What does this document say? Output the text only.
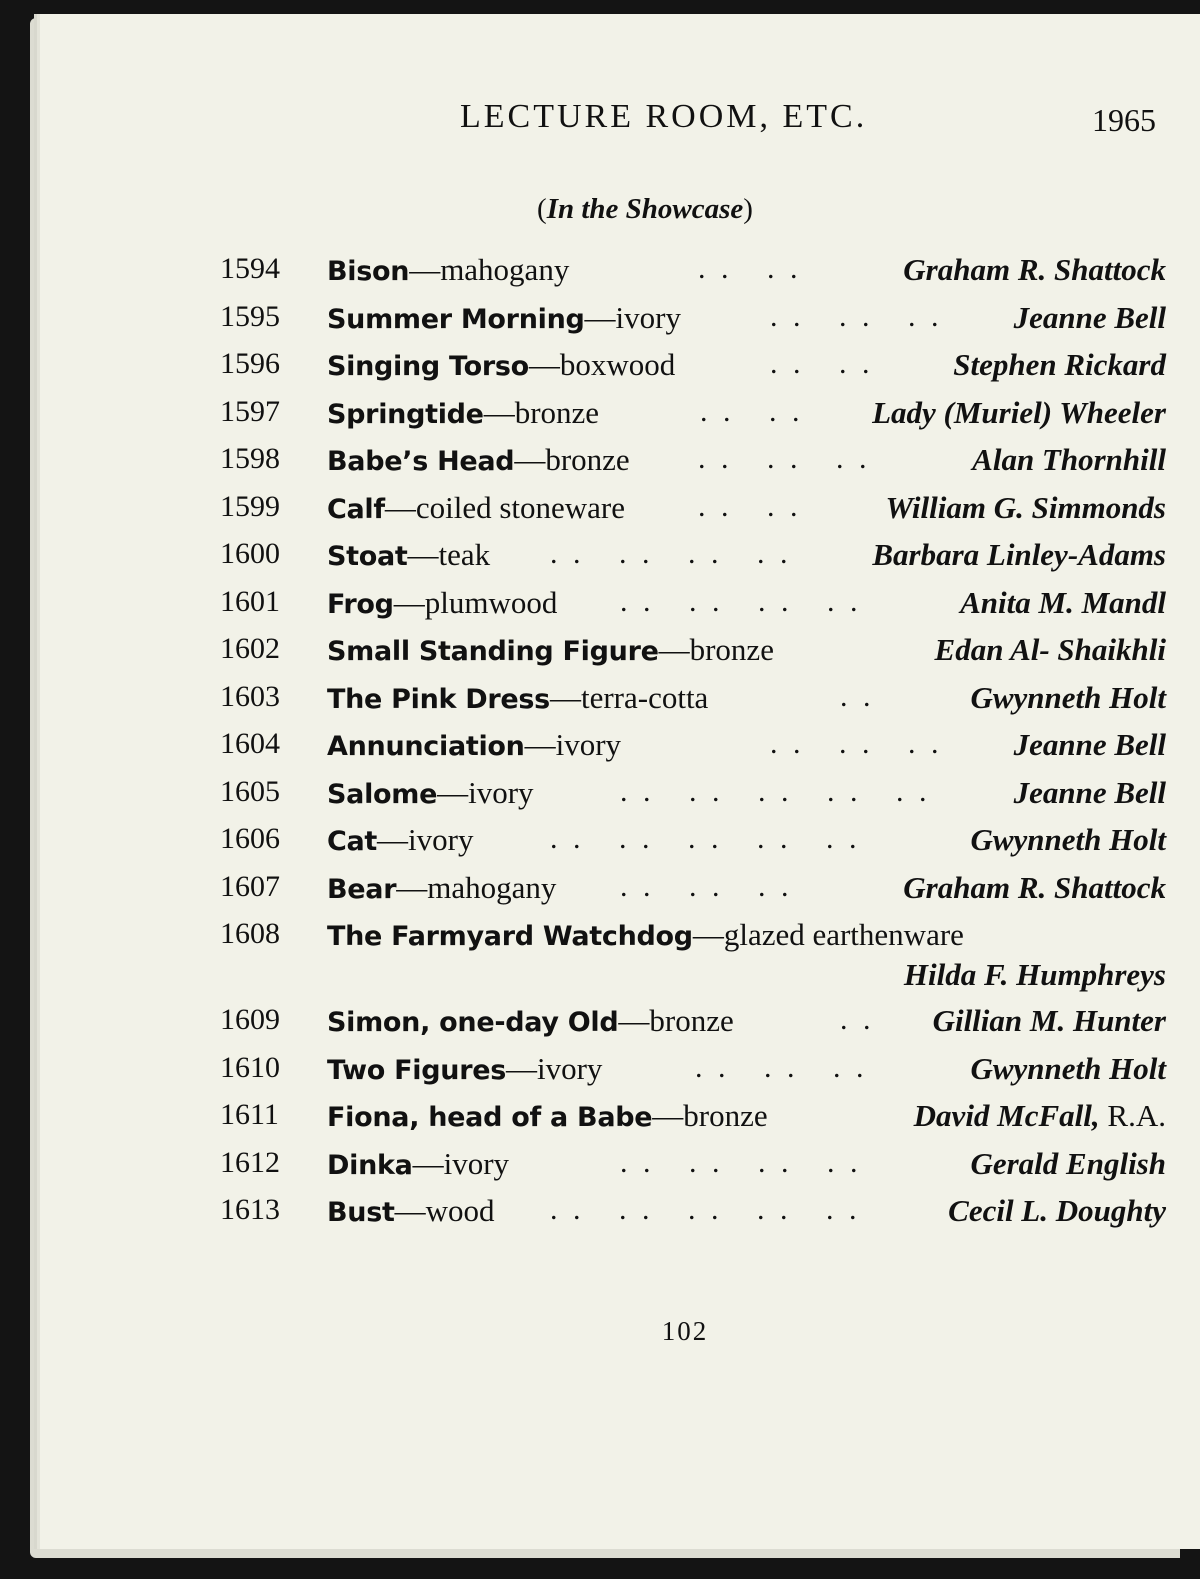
LECTURE ROOM, ETC.	1965
(In the Showcase)
1594 Bison—mahogany	. .   . .	Graham R. Shattock
1595 Summer Morning—ivory	. .   . .   . . Jeanne Bell
1596 Singing Torso—boxwood	. .   . .	Stephen Rickard
1597 Springtide—bronze	. .   . . Lady (Muriel) Wheeler
1598 Babe’s Head—bronze . .   . .   . .	Alan Thornhill
1599 Calf—coiled stoneware . .   . .	William G. Simmonds
1600 Stoat—teak . .   . .   . .   . .	Barbara Linley-Adams
1601 Frog—plumwood . .   . .   . .   . .	Anita M. Mandl
1602 Small Standing Figure—bronze	Edan Al- Shaikhli
1603 The Pink Dress—terra-cotta	. .	Gwynneth Holt
1604 Annunciation—ivory	. .   . .   . . Jeanne Bell
1605 Salome—ivory	. .   . .   . .   . .   . .	Jeanne Bell
1606 Cat—ivory	. .   . .   . .   . .   . .	Gwynneth Holt
1607 Bear—mahogany . .   . .   . .	Graham R. Shattock
1608 The Farmyard Watchdog—glazed earthenware
Hilda F. Humphreys
1609 Simon, one-day Old—bronze	. . Gillian M. Hunter
1610 Two Figures—ivory	. .   . .   . .	Gwynneth Holt
1611 Fiona, head of a Babe—bronze	David McFall, R.A.
1612 Dinka—ivory	. .   . .   . .   . .	Gerald English
1613 Bust—wood . .   . .   . .   . .   . .	Cecil L. Doughty
102
